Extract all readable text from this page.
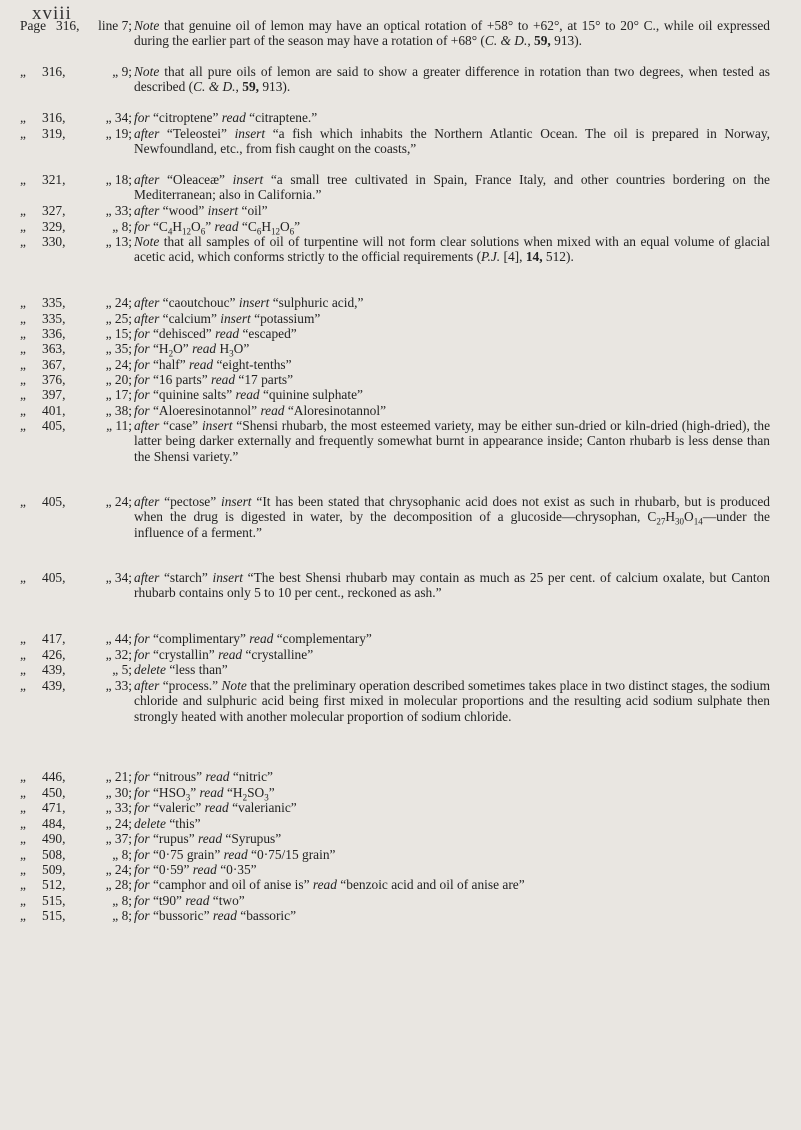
xviii
Page 316,	line 7; Note that genuine oil of lemon may have an optical rotation of +58° to +62°, at 15° to 20° C., while oil expressed during the earlier part of the season may have a rotation of +68° (C. & D., 59, 913).
„ 316,	„ 9; Note that all pure oils of lemon are said to show a greater difference in rotation than two degrees, when tested as described (C. & D., 59, 913).
„ 316,	„ 34; for “citroptene” read “citraptene.”
„ 319,	„ 19; after “Teleostei” insert “a fish which inhabits the Northern Atlantic Ocean. The oil is prepared in Norway, Newfoundland, etc., from fish caught on the coasts,”
„ 321,	„ 18; after “Oleaceæ” insert “a small tree cultivated in Spain, France Italy, and other countries bordering on the Mediterranean; also in California.”
„ 327,	„ 33; after “wood” insert “oil”
„ 329,	„ 8; for “$C_4H_{12}O_6$” read “$C_6H_{12}O_6$”
„ 330,	„ 13; Note that all samples of oil of turpentine will not form clear solutions when mixed with an equal volume of glacial acetic acid, which conforms strictly to the official requirements (P.J. [4], 14, 512).
„ 335,	„ 24; after “caoutchouc” insert “sulphuric acid,”
„ 335,	„ 25; after “calcium” insert “potassium”
„ 336,	„ 15; for “dehisced” read “escaped”
„ 363,	„ 35; for “$H_2O$” read $H_3O$”
„ 367,	„ 24; for “half” read “eight-tenths”
„ 376,	„ 20; for “16 parts” read “17 parts”
„ 397,	„ 17; for “quinine salts” read “quinine sulphate”
„ 401,	„ 38; for “Aloeresinotannol” read “Aloresinotannol”
„ 405,	„ 11; after “case” insert “Shensi rhubarb, the most esteemed variety, may be either sun-dried or kiln-dried (high-dried), the latter being darker externally and frequently somewhat burnt in appearance inside; Canton rhubarb is less dense than the Shensi variety.”
„ 405,	„ 24; after “pectose” insert “It has been stated that chrysophanic acid does not exist as such in rhubarb, but is produced when the drug is digested in water, by the decomposition of a glucoside—chrysophan, $C_{27}H_{30}O_{14}—under$ the influence of a ferment.”
„ 405,	„ 34; after “starch” insert “The best Shensi rhubarb may contain as much as 25 per cent. of calcium oxalate, but Canton rhubarb contains only 5 to 10 per cent., reckoned as ash.”
„ 417,	„ 44; for “complimentary” read “complementary”
„ 426,	„ 32; for “crystallin” read “crystalline”
„ 439,	„ 5; delete “less than”
„ 439,	„ 33; after “process.” Note that the preliminary operation described sometimes takes place in two distinct stages, the sodium chloride and sulphuric acid being first mixed in molecular proportions and the resulting acid sodium sulphate then strongly heated with another molecular proportion of sodium chloride.
„ 446,	„ 21; for “nitrous” read “nitric”
„ 450,	„ 30; for “$HSO_3$” read “$H_2SO_3$”
„ 471,	„ 33; for “valeric” read “valerianic”
„ 484,	„ 24; delete “this”
„ 490,	„ 37; for “rupus” read “Syrupus”
„ 508,	„ 8; for “0·75 grain” read “0·75/15 grain”
„ 509,	„ 24; for “0·59” read “0·35”
„ 512,	„ 28; for “camphor and oil of anise is” read “benzoic acid and oil of anise are”
„ 515,	„ 8; for “t90” read “two”
„ 515,	„ 8; for “bussoric” read “bassoric”
